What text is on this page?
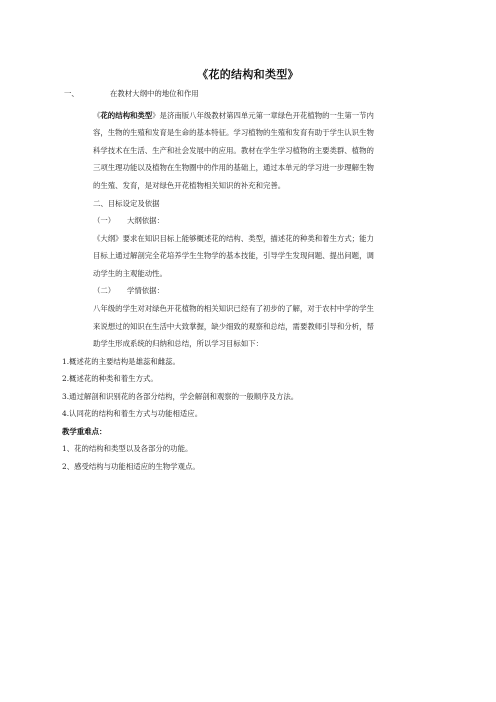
《花的结构和类型》
一、	在教材大纲中的地位和作用
《花的结构和类型》是济南版八年级教材第四单元第一章绿色开花植物的一生第一节内
容，生物的生殖和发育是生命的基本特征。学习植物的生殖和发育有助于学生认识生物
科学技术在生活、生产和社会发展中的应用。教材在学生学习植物的主要类群、植物的
三项生理功能以及植物在生物圈中的作用的基础上，通过本单元的学习进一步理解生物
的生殖、发育，是对绿色开花植物相关知识的补充和完善。
二、目标设定及依据
（一） 大纲依据：
《大纲》要求在知识目标上能够概述花的结构、类型，描述花的种类和着生方式；能力
目标上通过解剖完全花培养学生生物学的基本技能，引导学生发现问题、提出问题，调
动学生的主观能动性。
（二） 学情依据：
八年级的学生对对绿色开花植物的相关知识已经有了初步的了解，对于农村中学的学生
来说想过的知识在生活中大致掌握，缺少细致的观察和总结，需要教师引导和分析，帮
助学生形成系统的归纳和总结，所以学习目标如下：
1.概述花的主要结构是雄蕊和雌蕊。
2.概述花的种类和着生方式。
3.通过解剖和识别花的各部分结构，学会解剖和观察的一般顺序及方法。
4.认同花的结构和着生方式与功能相适应。
教学重难点：
1、花的结构和类型以及各部分的功能。
2、感受结构与功能相适应的生物学观点。
